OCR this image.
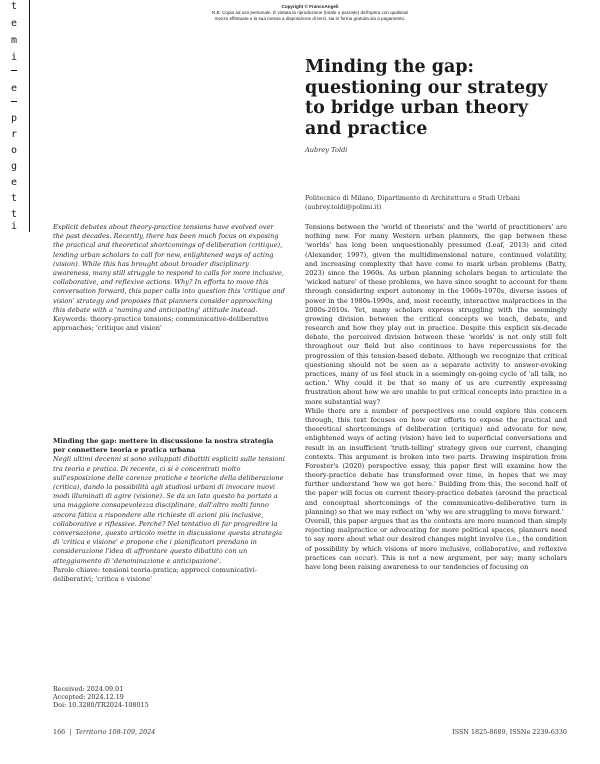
Copyright © FrancoAngeli
N.B: Copia ad uso personale. È vietata la riproduzione (totale o parziale) dell'opera con qualsiasi
mezzo effettuata e la sua messa a disposizione di terzi, sia in forma gratuita sia a pagamento.
t
e
m
i
e
p
r
o
g
e
t
t
i
Minding the gap: questioning our strategy to bridge urban theory and practice
Aubrey Toldi
Politecnico di Milano, Dipartimento di Architettura e Studi Urbani
(aubrey.toldi@polimi.it)

Explicit debates about theory-practice tensions have evolved over the past decades. Recently, there has been much focus on exposing the practical and theoretical shortcomings of deliberation (critique), lending urban scholars to call for new, enlightened ways of acting (vision). While this has brought about broader disciplinary awareness, many still struggle to respond to calls for more inclusive, collaborative, and reflexive actions. Why? In efforts to move this conversation forward, this paper calls into question this 'critique and vision' strategy and proposes that planners consider approaching this debate with a 'naming and anticipating' attitude instead.

Keywords: theory-practice tensions; communicative-deliberative approaches; 'critique and vision'

Minding the gap: mettere in discussione la nostra strategia per connettere teoria e pratica urbana

Negli ultimi decenni si sono sviluppati dibattiti espliciti sulle tensioni tra teoria e pratica. Di recente, ci si è concentrati molto sull'esposizione delle carenze pratiche e teoriche della deliberazione (critica), dando la possibilità agli studiosi urbani di invocare nuovi modi illuminati di agire (visione). Se da un lato questo ha portato a una maggiore consapevolezza disciplinare, dall'altro molti fanno ancora fatica a rispondere alle richieste di azioni più inclusive, collaborative e riflessive. Perché? Nel tentativo di far progredire la conversazione, questo articolo mette in discussione questa strategia di 'critica e visione' e propone che i pianificatori prendano in considerazione l'idea di affrontare questo dibattito con un atteggiamento di 'denominazione e anticipazione'.

Parole chiave: tensioni teoria-pratica; approcci comunicativi-deliberativi; 'critica e visione'

Received: 2024.09.01
Accepted: 2024.12.19
Doi: 10.3280/TR2024-108015

Tensions between the 'world of theorists' and the 'world of practitioners' are nothing new. For many Western urban planners, the gap between these 'worlds' has long been unquestionably presumed (Leaf, 2013) and cited (Alexander, 1997), given the multidimensional nature, continued volatility, and increasing complexity that have come to mark urban problems (Batty, 2023) since the 1960s. As urban planning scholars began to articulate the 'wicked nature' of these problems, we have since sought to account for them through considering expert autonomy in the 1960s-1970s, diverse issues of power in the 1980s-1990s, and, most recently, interactive malpractices in the 2000s-2010s. Yet, many scholars express struggling with the seemingly growing division between the critical concepts we teach, debate, and research and how they play out in practice. Despite this explicit six-decade debate, the perceived division between these 'worlds' is not only still felt throughout our field but also continues to have repercussions for the progression of this tension-based debate. Although we recognize that critical questioning should not be seen as a separate activity to answer-evoking practices, many of us feel stuck in a seemingly on-going cycle of 'all talk, no action.' Why could it be that so many of us are currently expressing frustration about how we are unable to put critical concepts into practice in a more substantial way?

While there are a number of perspectives one could explore this concern through, this text focuses on how our efforts to expose the practical and theoretical shortcomings of deliberation (critique) and advocate for new, enlightened ways of acting (vision) have led to superficial conversations and result in an insufficient 'truth-telling' strategy given our current, changing contexts. This argument is broken into two parts. Drawing inspiration from Forester's (2020) perspective essay, this paper first will examine how the theory-practice debate has transformed over time, in hopes that we may further understand 'how we got here.' Building from this, the second half of the paper will focus on current theory-practice debates (around the practical and conceptual shortcomings of the communicative-deliberative turn in planning) so that we may reflect on 'why we are struggling to move forward.'

Overall, this paper argues that as the contexts are more nuanced than simply rejecting malpractice or advocating for more political spaces, planners need to say more about what our desired changes might involve (i.e., the condition of possibility by which visions of more inclusive, collaborative, and reflexive practices can occur). This is not a new argument, per say; many scholars have long been raising awareness to our tendencies of focusing on

166 | Territorio 108-109, 2024	ISSN 1825-8689, ISSNe 2239-6330
